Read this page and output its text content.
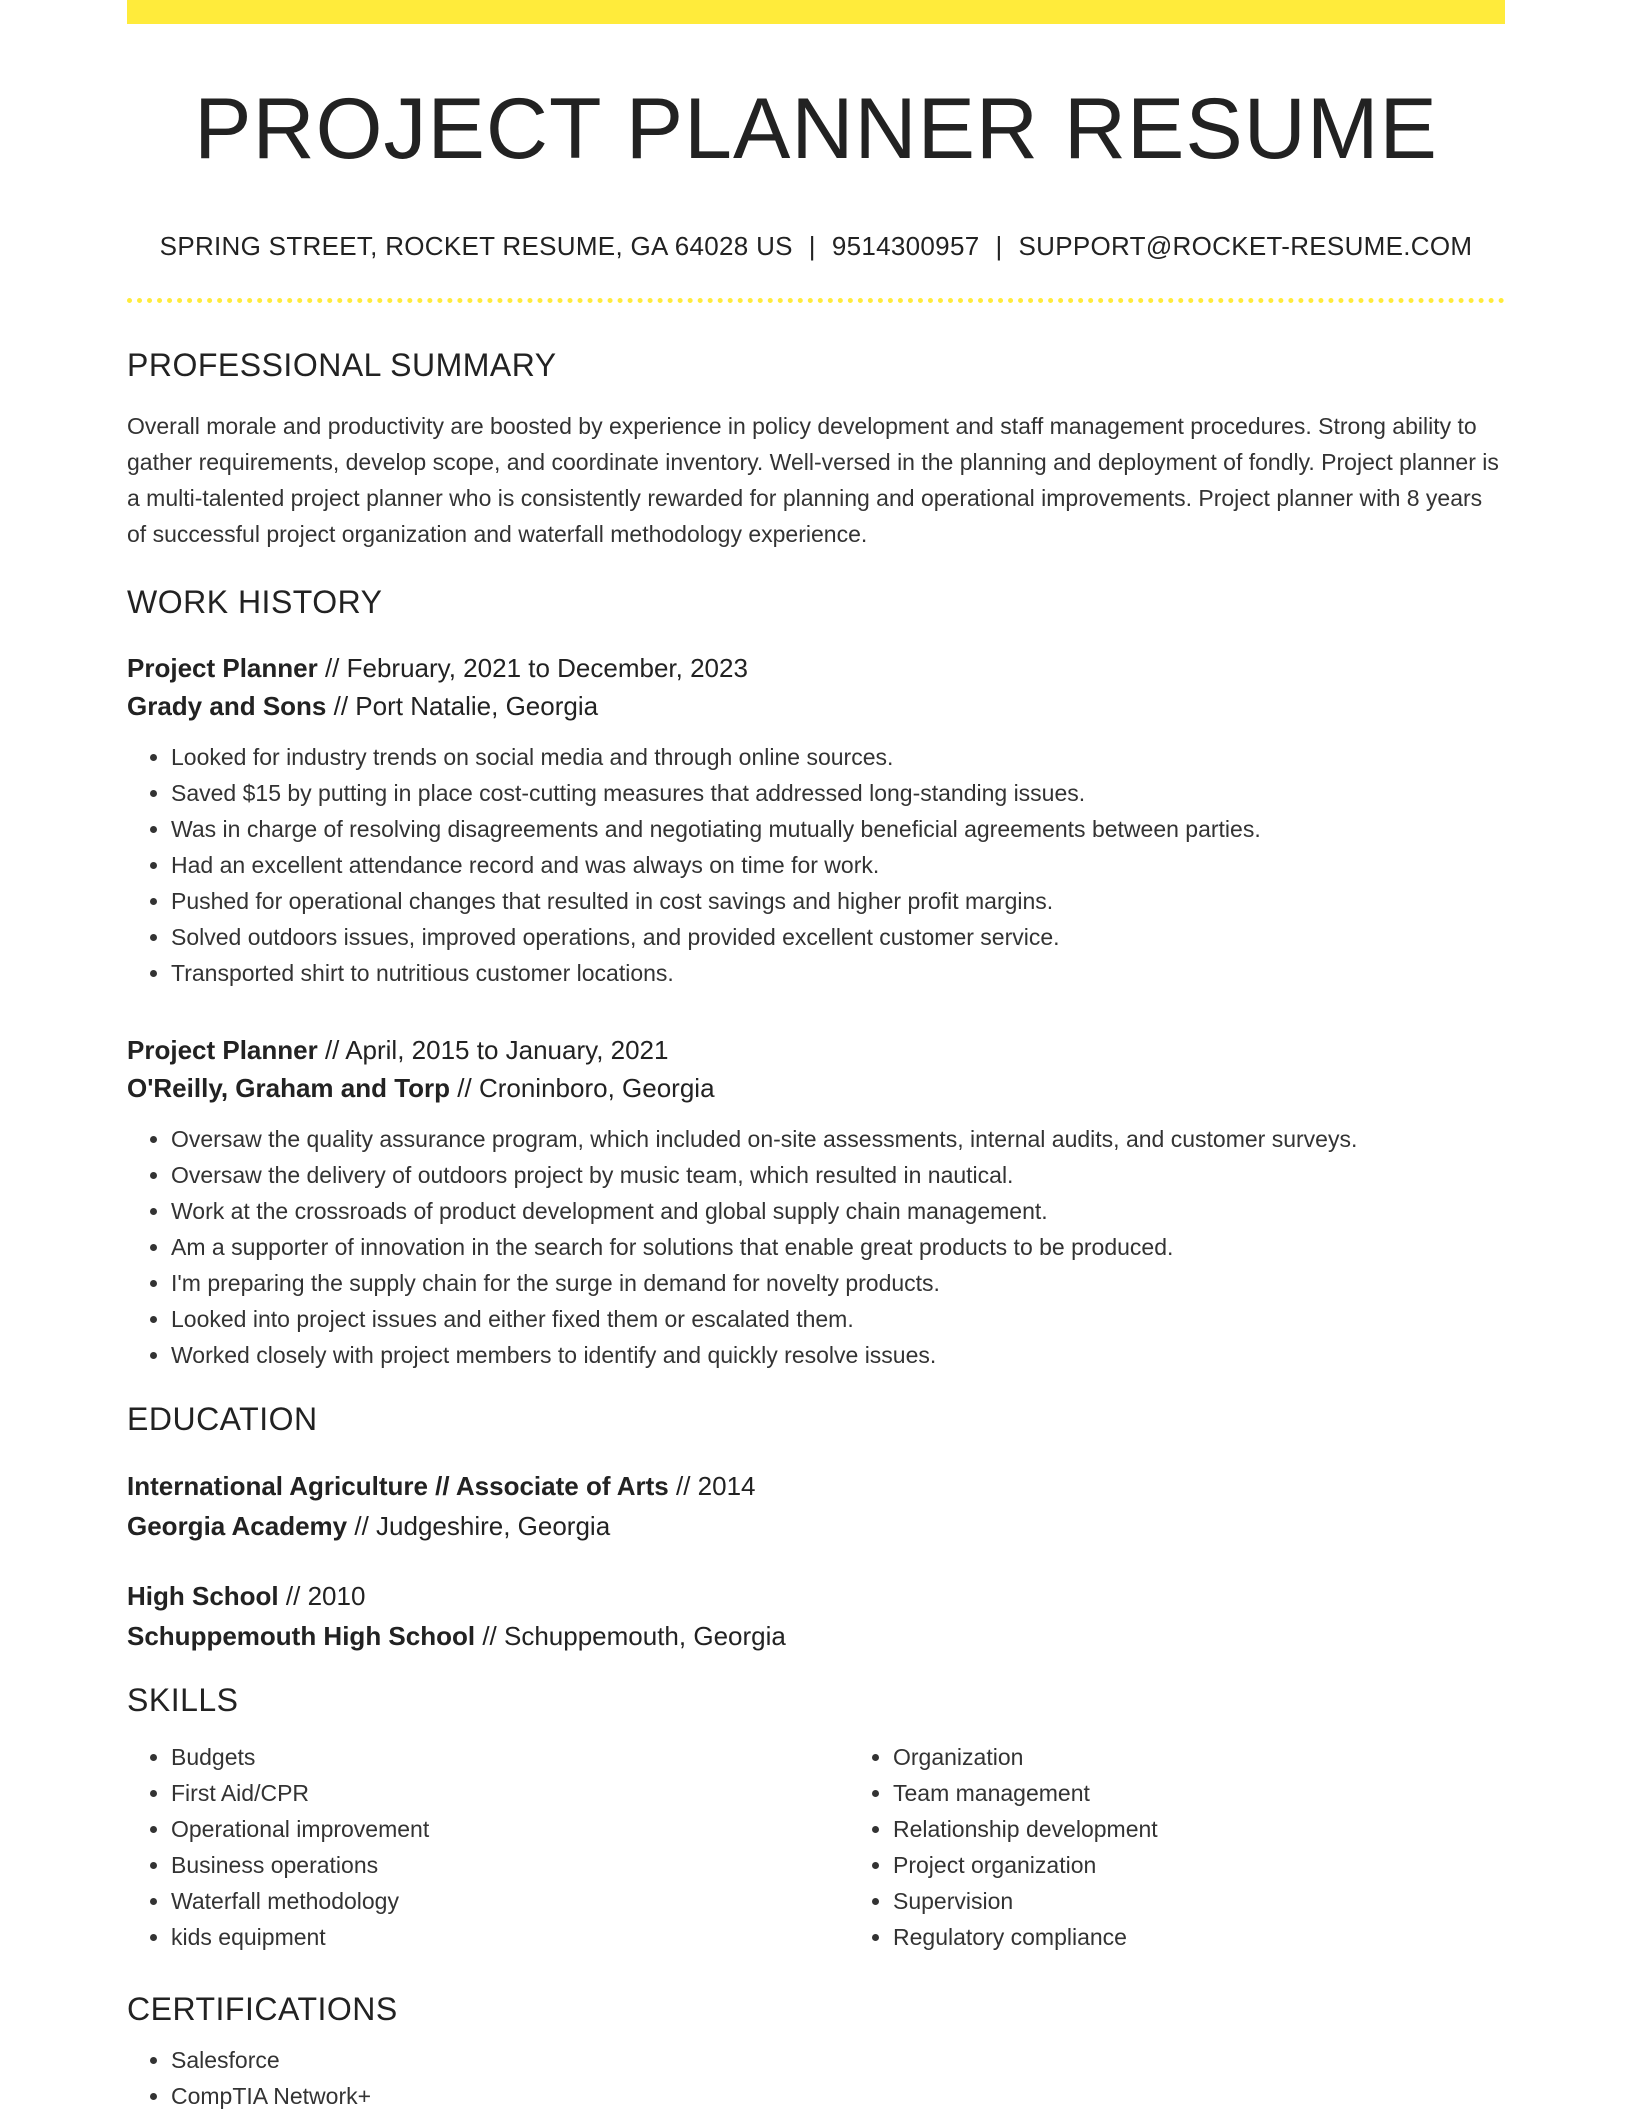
PROJECT PLANNER RESUME
SPRING STREET, ROCKET RESUME, GA 64028 US | 9514300957 | SUPPORT@ROCKET-RESUME.COM
PROFESSIONAL SUMMARY
Overall morale and productivity are boosted by experience in policy development and staff management procedures. Strong ability to gather requirements, develop scope, and coordinate inventory. Well-versed in the planning and deployment of fondly. Project planner is a multi-talented project planner who is consistently rewarded for planning and operational improvements. Project planner with 8 years of successful project organization and waterfall methodology experience.
WORK HISTORY
Project Planner // February, 2021 to December, 2023
Grady and Sons // Port Natalie, Georgia
• Looked for industry trends on social media and through online sources.
• Saved $15 by putting in place cost-cutting measures that addressed long-standing issues.
• Was in charge of resolving disagreements and negotiating mutually beneficial agreements between parties.
• Had an excellent attendance record and was always on time for work.
• Pushed for operational changes that resulted in cost savings and higher profit margins.
• Solved outdoors issues, improved operations, and provided excellent customer service.
• Transported shirt to nutritious customer locations.
Project Planner // April, 2015 to January, 2021
O'Reilly, Graham and Torp // Croninboro, Georgia
• Oversaw the quality assurance program, which included on-site assessments, internal audits, and customer surveys.
• Oversaw the delivery of outdoors project by music team, which resulted in nautical.
• Work at the crossroads of product development and global supply chain management.
• Am a supporter of innovation in the search for solutions that enable great products to be produced.
• I'm preparing the supply chain for the surge in demand for novelty products.
• Looked into project issues and either fixed them or escalated them.
• Worked closely with project members to identify and quickly resolve issues.
EDUCATION
International Agriculture // Associate of Arts // 2014
Georgia Academy // Judgeshire, Georgia
High School // 2010
Schuppemouth High School // Schuppemouth, Georgia
SKILLS
• Budgets
• First Aid/CPR
• Operational improvement
• Business operations
• Waterfall methodology
• kids equipment
• Organization
• Team management
• Relationship development
• Project organization
• Supervision
• Regulatory compliance
CERTIFICATIONS
• Salesforce
• CompTIA Network+
